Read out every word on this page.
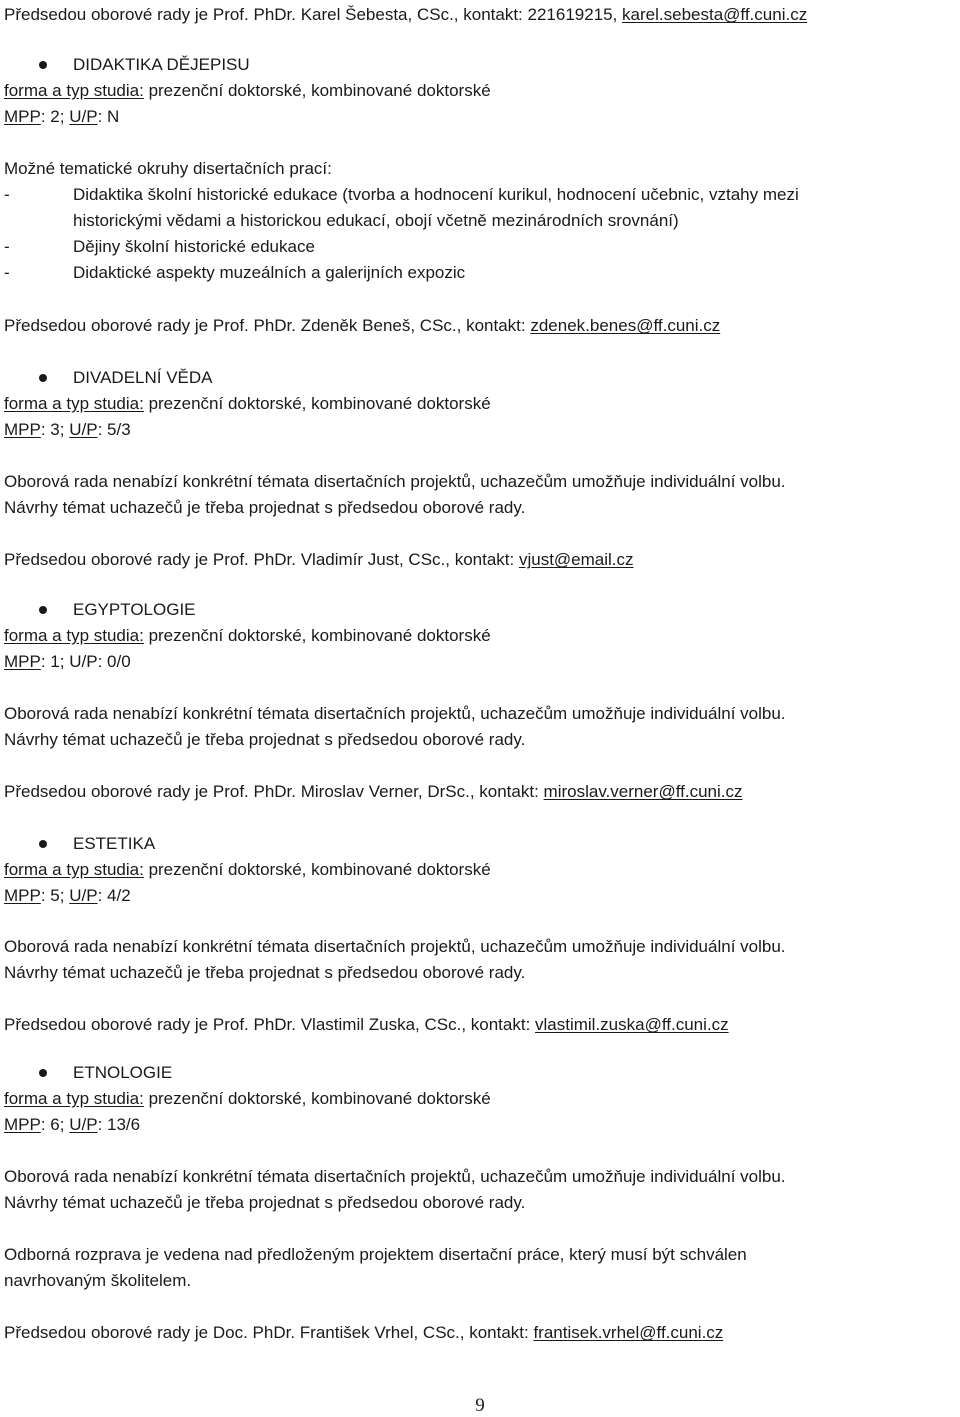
Předsedou oborové rady je Prof. PhDr. Karel Šebesta, CSc., kontakt: 221619215, karel.sebesta@ff.cuni.cz
DIDAKTIKA DĚJEPISU
forma a typ studia: prezenční doktorské, kombinované doktorské
MPP: 2; U/P: N
Možné tematické okruhy disertačních prací:
-	Didaktika školní historické edukace (tvorba a hodnocení kurikul, hodnocení učebnic, vztahy mezi
historickými vědami a historickou edukací, obojí včetně mezinárodních srovnání)
-	Dějiny školní historické edukace
-	Didaktické aspekty muzeálních a galerijních expozic
Předsedou oborové rady je Prof. PhDr. Zdeněk Beneš, CSc., kontakt: zdenek.benes@ff.cuni.cz
DIVADELNÍ VĚDA
forma a typ studia: prezenční doktorské, kombinované doktorské
MPP: 3; U/P: 5/3
Oborová rada nenabízí konkrétní témata disertačních projektů, uchazečům umožňuje individuální volbu.
Návrhy témat uchazečů je třeba projednat s předsedou oborové rady.
Předsedou oborové rady je Prof. PhDr. Vladimír Just, CSc., kontakt: vjust@email.cz
EGYPTOLOGIE
forma a typ studia: prezenční doktorské, kombinované doktorské
MPP: 1; U/P: 0/0
Oborová rada nenabízí konkrétní témata disertačních projektů, uchazečům umožňuje individuální volbu.
Návrhy témat uchazečů je třeba projednat s předsedou oborové rady.
Předsedou oborové rady je Prof. PhDr. Miroslav Verner, DrSc., kontakt: miroslav.verner@ff.cuni.cz
ESTETIKA
forma a typ studia: prezenční doktorské, kombinované doktorské
MPP: 5; U/P: 4/2
Oborová rada nenabízí konkrétní témata disertačních projektů, uchazečům umožňuje individuální volbu.
Návrhy témat uchazečů je třeba projednat s předsedou oborové rady.
Předsedou oborové rady je Prof. PhDr. Vlastimil Zuska, CSc., kontakt: vlastimil.zuska@ff.cuni.cz
ETNOLOGIE
forma a typ studia: prezenční doktorské, kombinované doktorské
MPP: 6; U/P: 13/6
Oborová rada nenabízí konkrétní témata disertačních projektů, uchazečům umožňuje individuální volbu.
Návrhy témat uchazečů je třeba projednat s předsedou oborové rady.
Odborná rozprava je vedena nad předloženým projektem disertační práce, který musí být schválen
navrhovaným školitelem.
Předsedou oborové rady je Doc. PhDr. František Vrhel, CSc., kontakt: frantisek.vrhel@ff.cuni.cz
9
